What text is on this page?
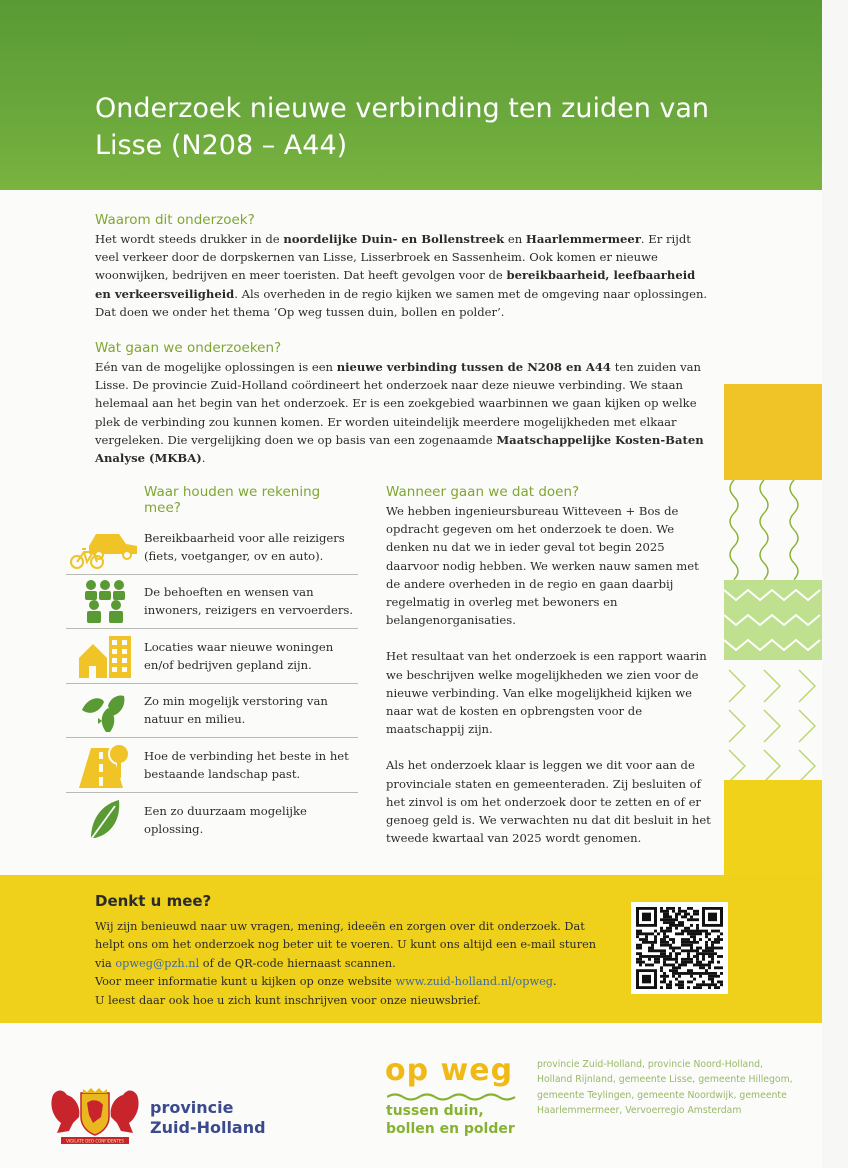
Onderzoek nieuwe verbinding ten zuiden van Lisse (N208 – A44)
Waarom dit onderzoek?

Het wordt steeds drukker in de noordelijke Duin- en Bollenstreek en Haarlemmermeer. Er rijdt veel verkeer door de dorpskernen van Lisse, Lisserbroek en Sassenheim. Ook komen er nieuwe woonwijken, bedrijven en meer toeristen. Dat heeft gevolgen voor de bereikbaarheid, leefbaarheid en verkeersveiligheid. Als overheden in de regio kijken we samen met de omgeving naar oplossingen. Dat doen we onder het thema ‘Op weg tussen duin, bollen en polder’.

Wat gaan we onderzoeken?

Eén van de mogelijke oplossingen is een nieuwe verbinding tussen de N208 en A44 ten zuiden van Lisse. De provincie Zuid-Holland coördineert het onderzoek naar deze nieuwe verbinding. We staan helemaal aan het begin van het onderzoek. Er is een zoekgebied waarbinnen we gaan kijken op welke plek de verbinding zou kunnen komen. Er worden uiteindelijk meerdere mogelijkheden met elkaar vergeleken. Die vergelijking doen we op basis van een zogenaamde Maatschappelijke Kosten-Baten Analyse (MKBA).

Waar houden we rekening mee?
Bereikbaarheid voor alle reizigers (fiets, voetganger, ov en auto).
De behoeften en wensen van inwoners, reizigers en vervoerders.
Locaties waar nieuwe woningen en/of bedrijven gepland zijn.
Zo min mogelijk verstoring van natuur en milieu.
Hoe de verbinding het beste in het bestaande landschap past.
Een zo duurzaam mogelijke oplossing.
Wanneer gaan we dat doen?

We hebben ingenieursbureau Witteveen + Bos de opdracht gegeven om het onderzoek te doen. We denken nu dat we in ieder geval tot begin 2025 daarvoor nodig hebben. We werken nauw samen met de andere overheden in de regio en gaan daarbij regelmatig in overleg met bewoners en belangenorganisaties.

Het resultaat van het onderzoek is een rapport waarin we beschrijven welke mogelijkheden we zien voor de nieuwe verbinding. Van elke mogelijkheid kijken we naar wat de kosten en opbrengsten voor de maatschappij zijn.

Als het onderzoek klaar is leggen we dit voor aan de provinciale staten en gemeenteraden. Zij besluiten of het zinvol is om het onderzoek door te zetten en of er genoeg geld is. We verwachten nu dat dit besluit in het tweede kwartaal van 2025 wordt genomen.

Denkt u mee?

Wij zijn benieuwd naar uw vragen, mening, ideeën en zorgen over dit onderzoek. Dat helpt ons om het onderzoek nog beter uit te voeren. U kunt ons altijd een e-mail sturen via opweg@pzh.nl of de QR-code hiernaast scannen.
Voor meer informatie kunt u kijken op onze website www.zuid-holland.nl/opweg.
U leest daar ook hoe u zich kunt inschrijven voor onze nieuwsbrief.

VIGILATE DEO CONFIDENTES
provincie
Zuid-Holland
op weg
tussen duin,
bollen en polder
provincie Zuid-Holland, provincie Noord-Holland, Holland Rijnland, gemeente Lisse, gemeente Hillegom, gemeente Teylingen, gemeente Noordwijk, gemeente Haarlemmermeer, Vervoerregio Amsterdam
